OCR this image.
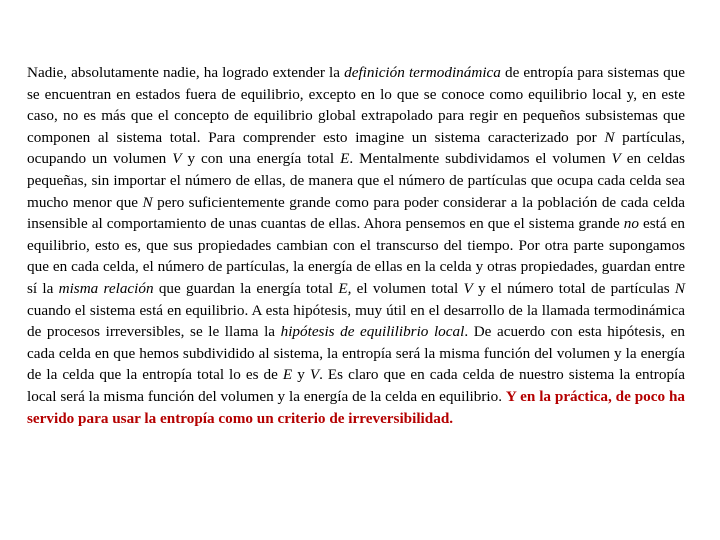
Nadie, absolutamente nadie, ha logrado extender la definición termodinámica de entropía para sistemas que se encuentran en estados fuera de equilibrio, excepto en lo que se conoce como equilibrio local y, en este caso, no es más que el concepto de equilibrio global extrapolado para regir en pequeños subsistemas que componen al sistema total. Para comprender esto imagine un sistema caracterizado por N partículas, ocupando un volumen V y con una energía total E. Mentalmente subdividamos el volumen V en celdas pequeñas, sin importar el número de ellas, de manera que el número de partículas que ocupa cada celda sea mucho menor que N pero suficientemente grande como para poder considerar a la población de cada celda insensible al comportamiento de unas cuantas de ellas. Ahora pensemos en que el sistema grande no está en equilibrio, esto es, que sus propiedades cambian con el transcurso del tiempo. Por otra parte supongamos que en cada celda, el número de partículas, la energía de ellas en la celda y otras propiedades, guardan entre sí la misma relación que guardan la energía total E, el volumen total V y el número total de partículas N cuando el sistema está en equilibrio. A esta hipótesis, muy útil en el desarrollo de la llamada termodinámica de procesos irreversibles, se le llama la hipótesis de equililibrio local. De acuerdo con esta hipótesis, en cada celda en que hemos subdividido al sistema, la entropía será la misma función del volumen y la energía de la celda que la entropía total lo es de E y V. Es claro que en cada celda de nuestro sistema la entropía local será la misma función del volumen y la energía de la celda en equilibrio. Y en la práctica, de poco ha servido para usar la entropía como un criterio de irreversibilidad.
